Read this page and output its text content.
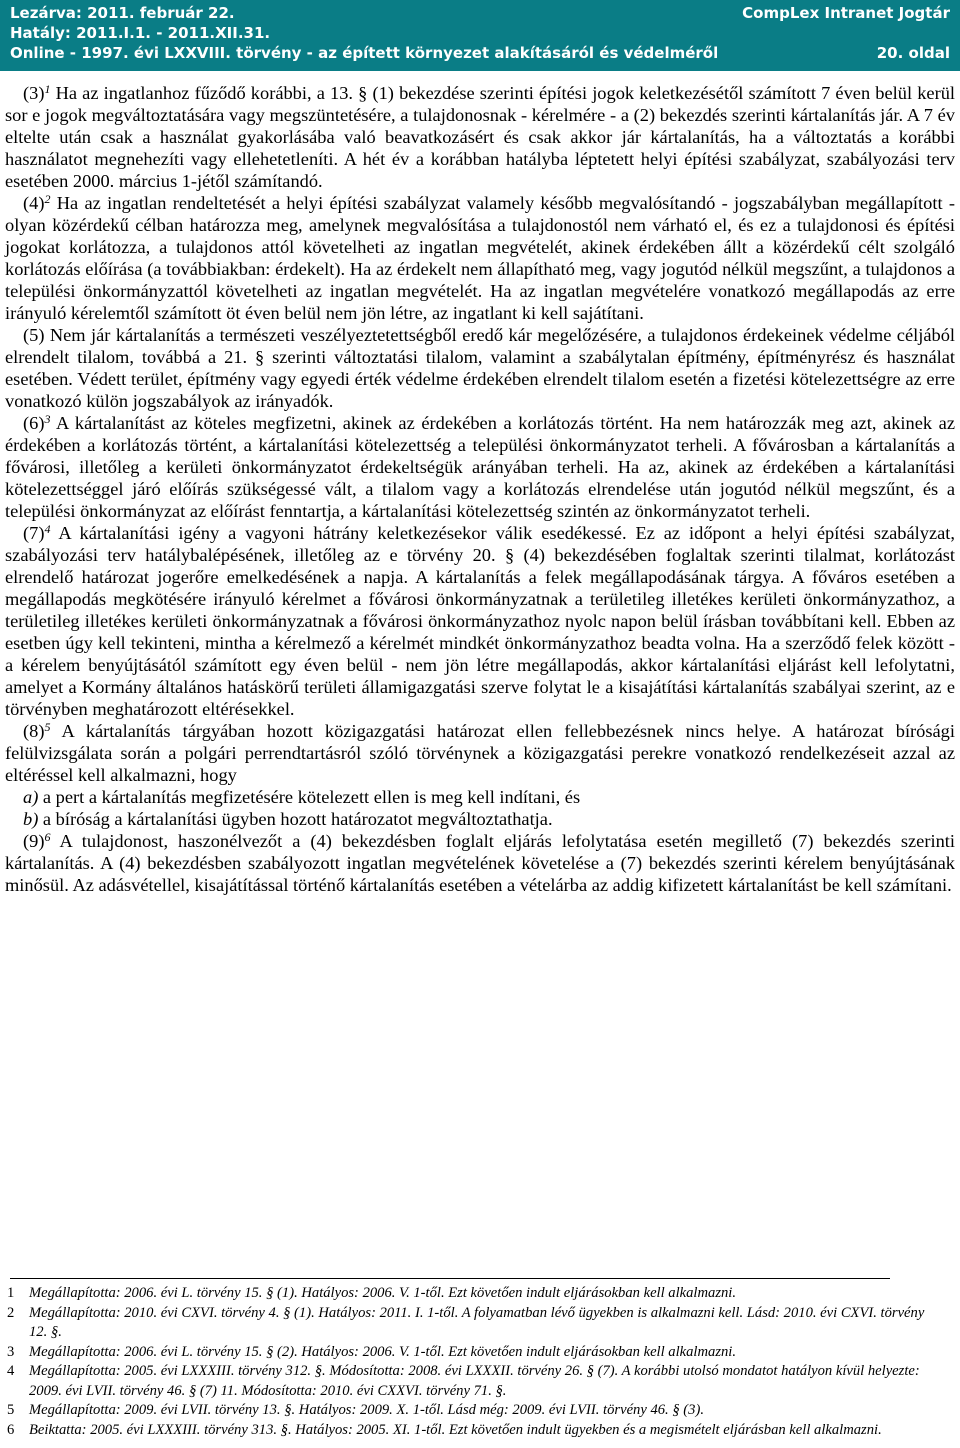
Lezárva: 2011. február 22.	CompLex Intranet Jogtár
Hatály: 2011.I.1. - 2011.XII.31.
Online - 1997. évi LXXVIII. törvény - az épített környezet alakításáról és védelméről	20. oldal

$(3)^1$ Ha az ingatlanhoz fűződő korábbi, a 13. § (1) bekezdése szerinti építési jogok keletkezésétől számított 7 éven belül kerül sor e jogok megváltoztatására vagy megszüntetésére, a tulajdonosnak - kérelmére - a (2) bekezdés szerinti kártalanítás jár. A 7 év eltelte után csak a használat gyakorlásába való beavatkozásért és csak akkor jár kártalanítás, ha a változtatás a korábbi használatot megnehezíti vagy ellehetetleníti. A hét év a korábban hatályba léptetett helyi építési szabályzat, szabályozási terv esetében 2000. március 1-jétől számítandó.

$(4)^2$ Ha az ingatlan rendeltetését a helyi építési szabályzat valamely később megvalósítandó - jogszabályban megállapított - olyan közérdekű célban határozza meg, amelynek megvalósítása a tulajdonostól nem várható el, és ez a tulajdonosi és építési jogokat korlátozza, a tulajdonos attól követelheti az ingatlan megvételét, akinek érdekében állt a közérdekű célt szolgáló korlátozás előírása (a továbbiakban: érdekelt). Ha az érdekelt nem állapítható meg, vagy jogutód nélkül megszűnt, a tulajdonos a települési önkormányzattól követelheti az ingatlan megvételét. Ha az ingatlan megvételére vonatkozó megállapodás az erre irányuló kérelemtől számított öt éven belül nem jön létre, az ingatlant ki kell sajátítani.

(5) Nem jár kártalanítás a természeti veszélyeztetettségből eredő kár megelőzésére, a tulajdonos érdekeinek védelme céljából elrendelt tilalom, továbbá a 21. § szerinti változtatási tilalom, valamint a szabálytalan építmény, építményrész és használat esetében. Védett terület, építmény vagy egyedi érték védelme érdekében elrendelt tilalom esetén a fizetési kötelezettségre az erre vonatkozó külön jogszabályok az irányadók.

$(6)^3$ A kártalanítást az köteles megfizetni, akinek az érdekében a korlátozás történt. Ha nem határozzák meg azt, akinek az érdekében a korlátozás történt, a kártalanítási kötelezettség a települési önkormányzatot terheli. A fővárosban a kártalanítás a fővárosi, illetőleg a kerületi önkormányzatot érdekeltségük arányában terheli. Ha az, akinek az érdekében a kártalanítási kötelezettséggel járó előírás szükségessé vált, a tilalom vagy a korlátozás elrendelése után jogutód nélkül megszűnt, és a települési önkormányzat az előírást fenntartja, a kártalanítási kötelezettség szintén az önkormányzatot terheli.

$(7)^4$ A kártalanítási igény a vagyoni hátrány keletkezésekor válik esedékessé. Ez az időpont a helyi építési szabályzat, szabályozási terv hatálybalépésének, illetőleg az e törvény 20. § (4) bekezdésében foglaltak szerinti tilalmat, korlátozást elrendelő határozat jogerőre emelkedésének a napja. A kártalanítás a felek megállapodásának tárgya. A főváros esetében a megállapodás megkötésére irányuló kérelmet a fővárosi önkormányzatnak a területileg illetékes kerületi önkormányzathoz, a területileg illetékes kerületi önkormányzatnak a fővárosi önkormányzathoz nyolc napon belül írásban továbbítani kell. Ebben az esetben úgy kell tekinteni, mintha a kérelmező a kérelmét mindkét önkormányzathoz beadta volna. Ha a szerződő felek között - a kérelem benyújtásától számított egy éven belül - nem jön létre megállapodás, akkor kártalanítási eljárást kell lefolytatni, amelyet a Kormány általános hatáskörű területi államigazgatási szerve folytat le a kisajátítási kártalanítás szabályai szerint, az e törvényben meghatározott eltérésekkel.

$(8)^5$ A kártalanítás tárgyában hozott közigazgatási határozat ellen fellebbezésnek nincs helye. A határozat bírósági felülvizsgálata során a polgári perrendtartásról szóló törvénynek a közigazgatási perekre vonatkozó rendelkezéseit azzal az eltéréssel kell alkalmazni, hogy

a) a pert a kártalanítás megfizetésére kötelezett ellen is meg kell indítani, és

b) a bíróság a kártalanítási ügyben hozott határozatot megváltoztathatja.

$(9)^6$ A tulajdonost, haszonélvezőt a (4) bekezdésben foglalt eljárás lefolytatása esetén megillető (7) bekezdés szerinti kártalanítás. A (4) bekezdésben szabályozott ingatlan megvételének követelése a (7) bekezdés szerinti kérelem benyújtásának minősül. Az adásvétellel, kisajátítással történő kártalanítás esetében a vételárba az addig kifizetett kártalanítást be kell számítani.

1	Megállapította: 2006. évi L. törvény 15. § (1). Hatályos: 2006. V. 1-től. Ezt követően indult eljárásokban kell alkalmazni.
2	Megállapította: 2010. évi CXVI. törvény 4. § (1). Hatályos: 2011. I. 1-től. A folyamatban lévő ügyekben is alkalmazni kell. Lásd: 2010. évi CXVI. törvény 12. §.
3	Megállapította: 2006. évi L. törvény 15. § (2). Hatályos: 2006. V. 1-től. Ezt követően indult eljárásokban kell alkalmazni.
4	Megállapította: 2005. évi LXXXIII. törvény 312. §. Módosította: 2008. évi LXXXII. törvény 26. § (7). A korábbi utolsó mondatot hatályon kívül helyezte: 2009. évi LVII. törvény 46. § (7) 11. Módosította: 2010. évi CXXVI. törvény 71. §.
5	Megállapította: 2009. évi LVII. törvény 13. §. Hatályos: 2009. X. 1-től. Lásd még: 2009. évi LVII. törvény 46. § (3).
6	Beiktatta: 2005. évi LXXXIII. törvény 313. §. Hatályos: 2005. XI. 1-től. Ezt követően indult ügyekben és a megismételt eljárásban kell alkalmazni.
